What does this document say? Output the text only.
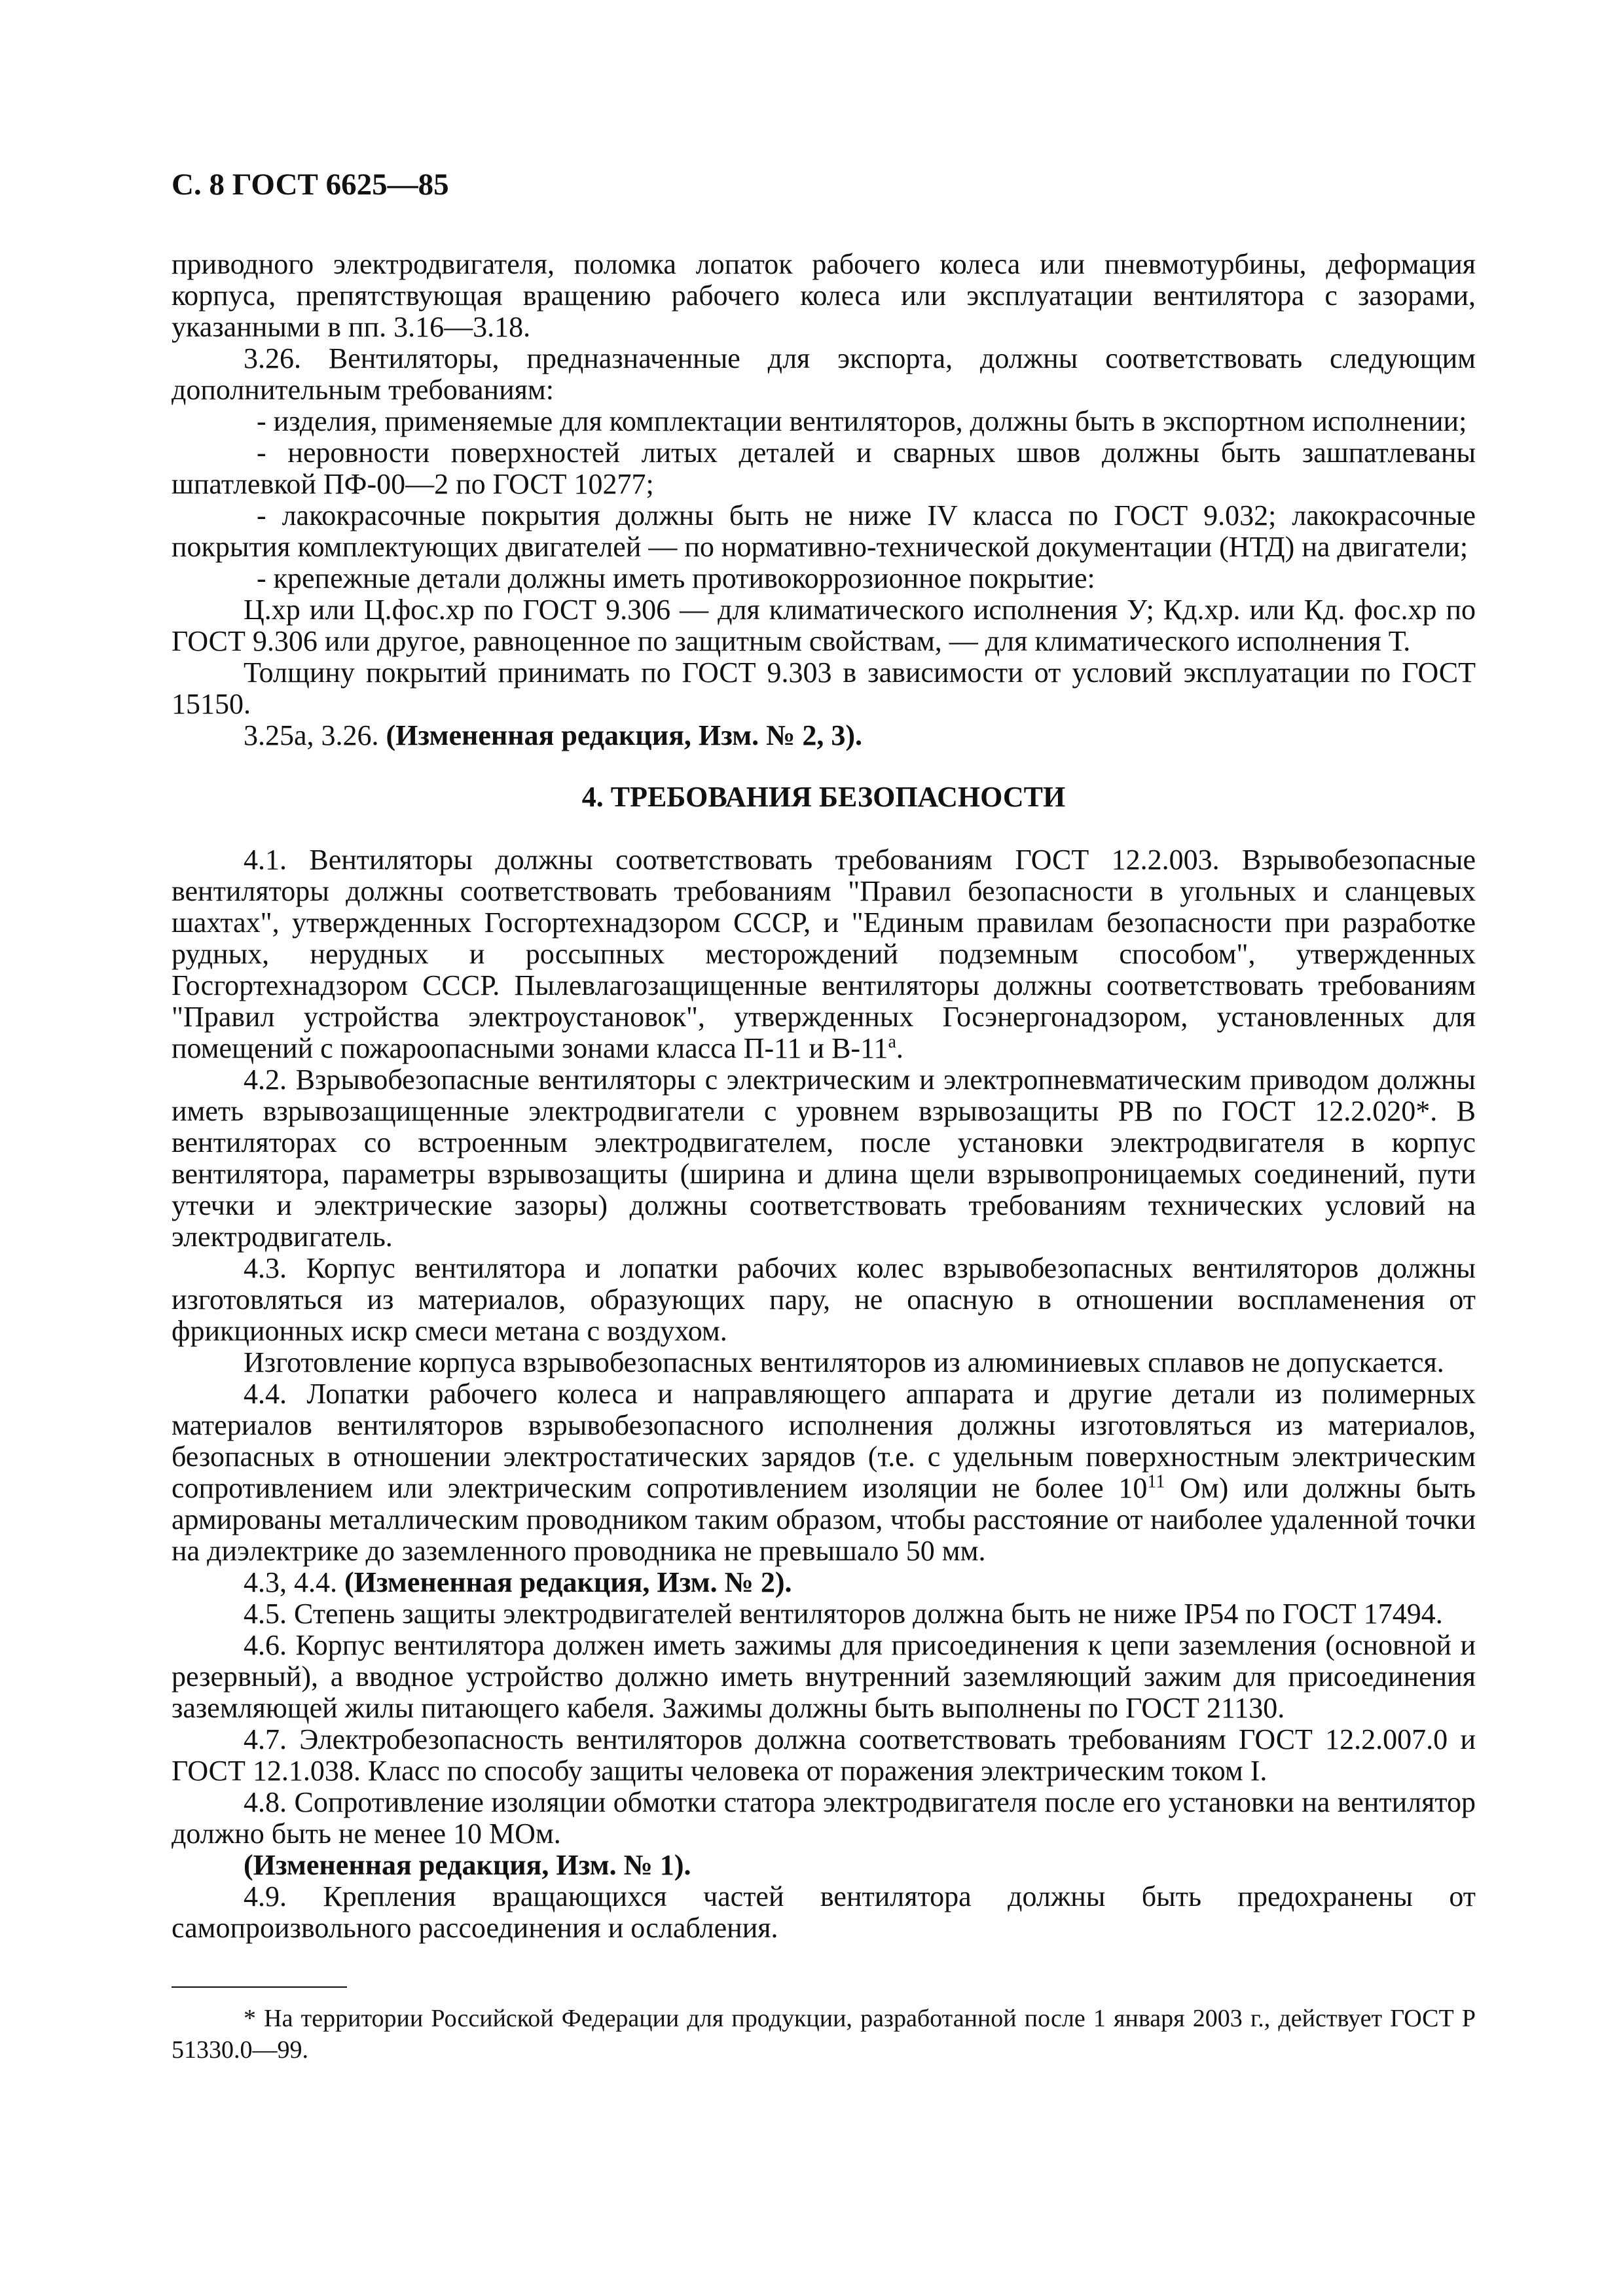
С. 8 ГОСТ 6625—85

приводного электродвигателя, поломка лопаток рабочего колеса или пневмотурбины, деформация корпуса, препятствующая вращению рабочего колеса или эксплуатации вентилятора с зазорами, указанными в пп. 3.16—3.18.

3.26. Вентиляторы, предназначенные для экспорта, должны соответствовать следующим дополнительным требованиям:

- изделия, применяемые для комплектации вентиляторов, должны быть в экспортном исполнении;

- неровности поверхностей литых деталей и сварных швов должны быть зашпатлеваны шпатлевкой ПФ-00—2 по ГОСТ 10277;

- лакокрасочные покрытия должны быть не ниже IV класса по ГОСТ 9.032; лакокрасочные покрытия комплектующих двигателей — по нормативно-технической документации (НТД) на двигатели;

- крепежные детали должны иметь противокоррозионное покрытие:

Ц.хр или Ц.фос.хр по ГОСТ 9.306 — для климатического исполнения У; Кд.хр. или Кд. фос.хр по ГОСТ 9.306 или другое, равноценное по защитным свойствам, — для климатического исполнения Т.

Толщину покрытий принимать по ГОСТ 9.303 в зависимости от условий эксплуатации по ГОСТ 15150.

3.25а, 3.26. (Измененная редакция, Изм. № 2, 3).

4. ТРЕБОВАНИЯ БЕЗОПАСНОСТИ

4.1. Вентиляторы должны соответствовать требованиям ГОСТ 12.2.003. Взрывобезопасные вентиляторы должны соответствовать требованиям "Правил безопасности в угольных и сланцевых шахтах", утвержденных Госгортехнадзором СССР, и "Единым правилам безопасности при разработке рудных, нерудных и россыпных месторождений подземным способом", утвержденных Госгортехнадзором СССР. Пылевлагозащищенные вентиляторы должны соответствовать требованиям "Правил устройства электроустановок", утвержденных Госэнергонадзором, установленных для помещений с пожароопасными зонами класса П-11 и $В-11^а$.

4.2. Взрывобезопасные вентиляторы с электрическим и электропневматическим приводом должны иметь взрывозащищенные электродвигатели с уровнем взрывозащиты РВ по ГОСТ 12.2.020*. В вентиляторах со встроенным электродвигателем, после установки электродвигателя в корпус вентилятора, параметры взрывозащиты (ширина и длина щели взрывопроницаемых соединений, пути утечки и электрические зазоры) должны соответствовать требованиям технических условий на электродвигатель.

4.3. Корпус вентилятора и лопатки рабочих колес взрывобезопасных вентиляторов должны изготовляться из материалов, образующих пару, не опасную в отношении воспламенения от фрикционных искр смеси метана с воздухом.

Изготовление корпуса взрывобезопасных вентиляторов из алюминиевых сплавов не допускается.

4.4. Лопатки рабочего колеса и направляющего аппарата и другие детали из полимерных материалов вентиляторов взрывобезопасного исполнения должны изготовляться из материалов, безопасных в отношении электростатических зарядов (т.е. с удельным поверхностным электрическим сопротивлением или электрическим сопротивлением изоляции не более $10^{11}$ Ом) или должны быть армированы металлическим проводником таким образом, чтобы расстояние от наиболее удаленной точки на диэлектрике до заземленного проводника не превышало 50 мм.

4.3, 4.4. (Измененная редакция, Изм. № 2).

4.5. Степень защиты электродвигателей вентиляторов должна быть не ниже IP54 по ГОСТ 17494.

4.6. Корпус вентилятора должен иметь зажимы для присоединения к цепи заземления (основной и резервный), а вводное устройство должно иметь внутренний заземляющий зажим для присоединения заземляющей жилы питающего кабеля. Зажимы должны быть выполнены по ГОСТ 21130.

4.7. Электробезопасность вентиляторов должна соответствовать требованиям ГОСТ 12.2.007.0 и ГОСТ 12.1.038. Класс по способу защиты человека от поражения электрическим током I.

4.8. Сопротивление изоляции обмотки статора электродвигателя после его установки на вентилятор должно быть не менее 10 МОм.

(Измененная редакция, Изм. № 1).

4.9. Крепления вращающихся частей вентилятора должны быть предохранены от самопроизвольного рассоединения и ослабления.

* На территории Российской Федерации для продукции, разработанной после 1 января 2003 г., действует ГОСТ Р 51330.0—99.
